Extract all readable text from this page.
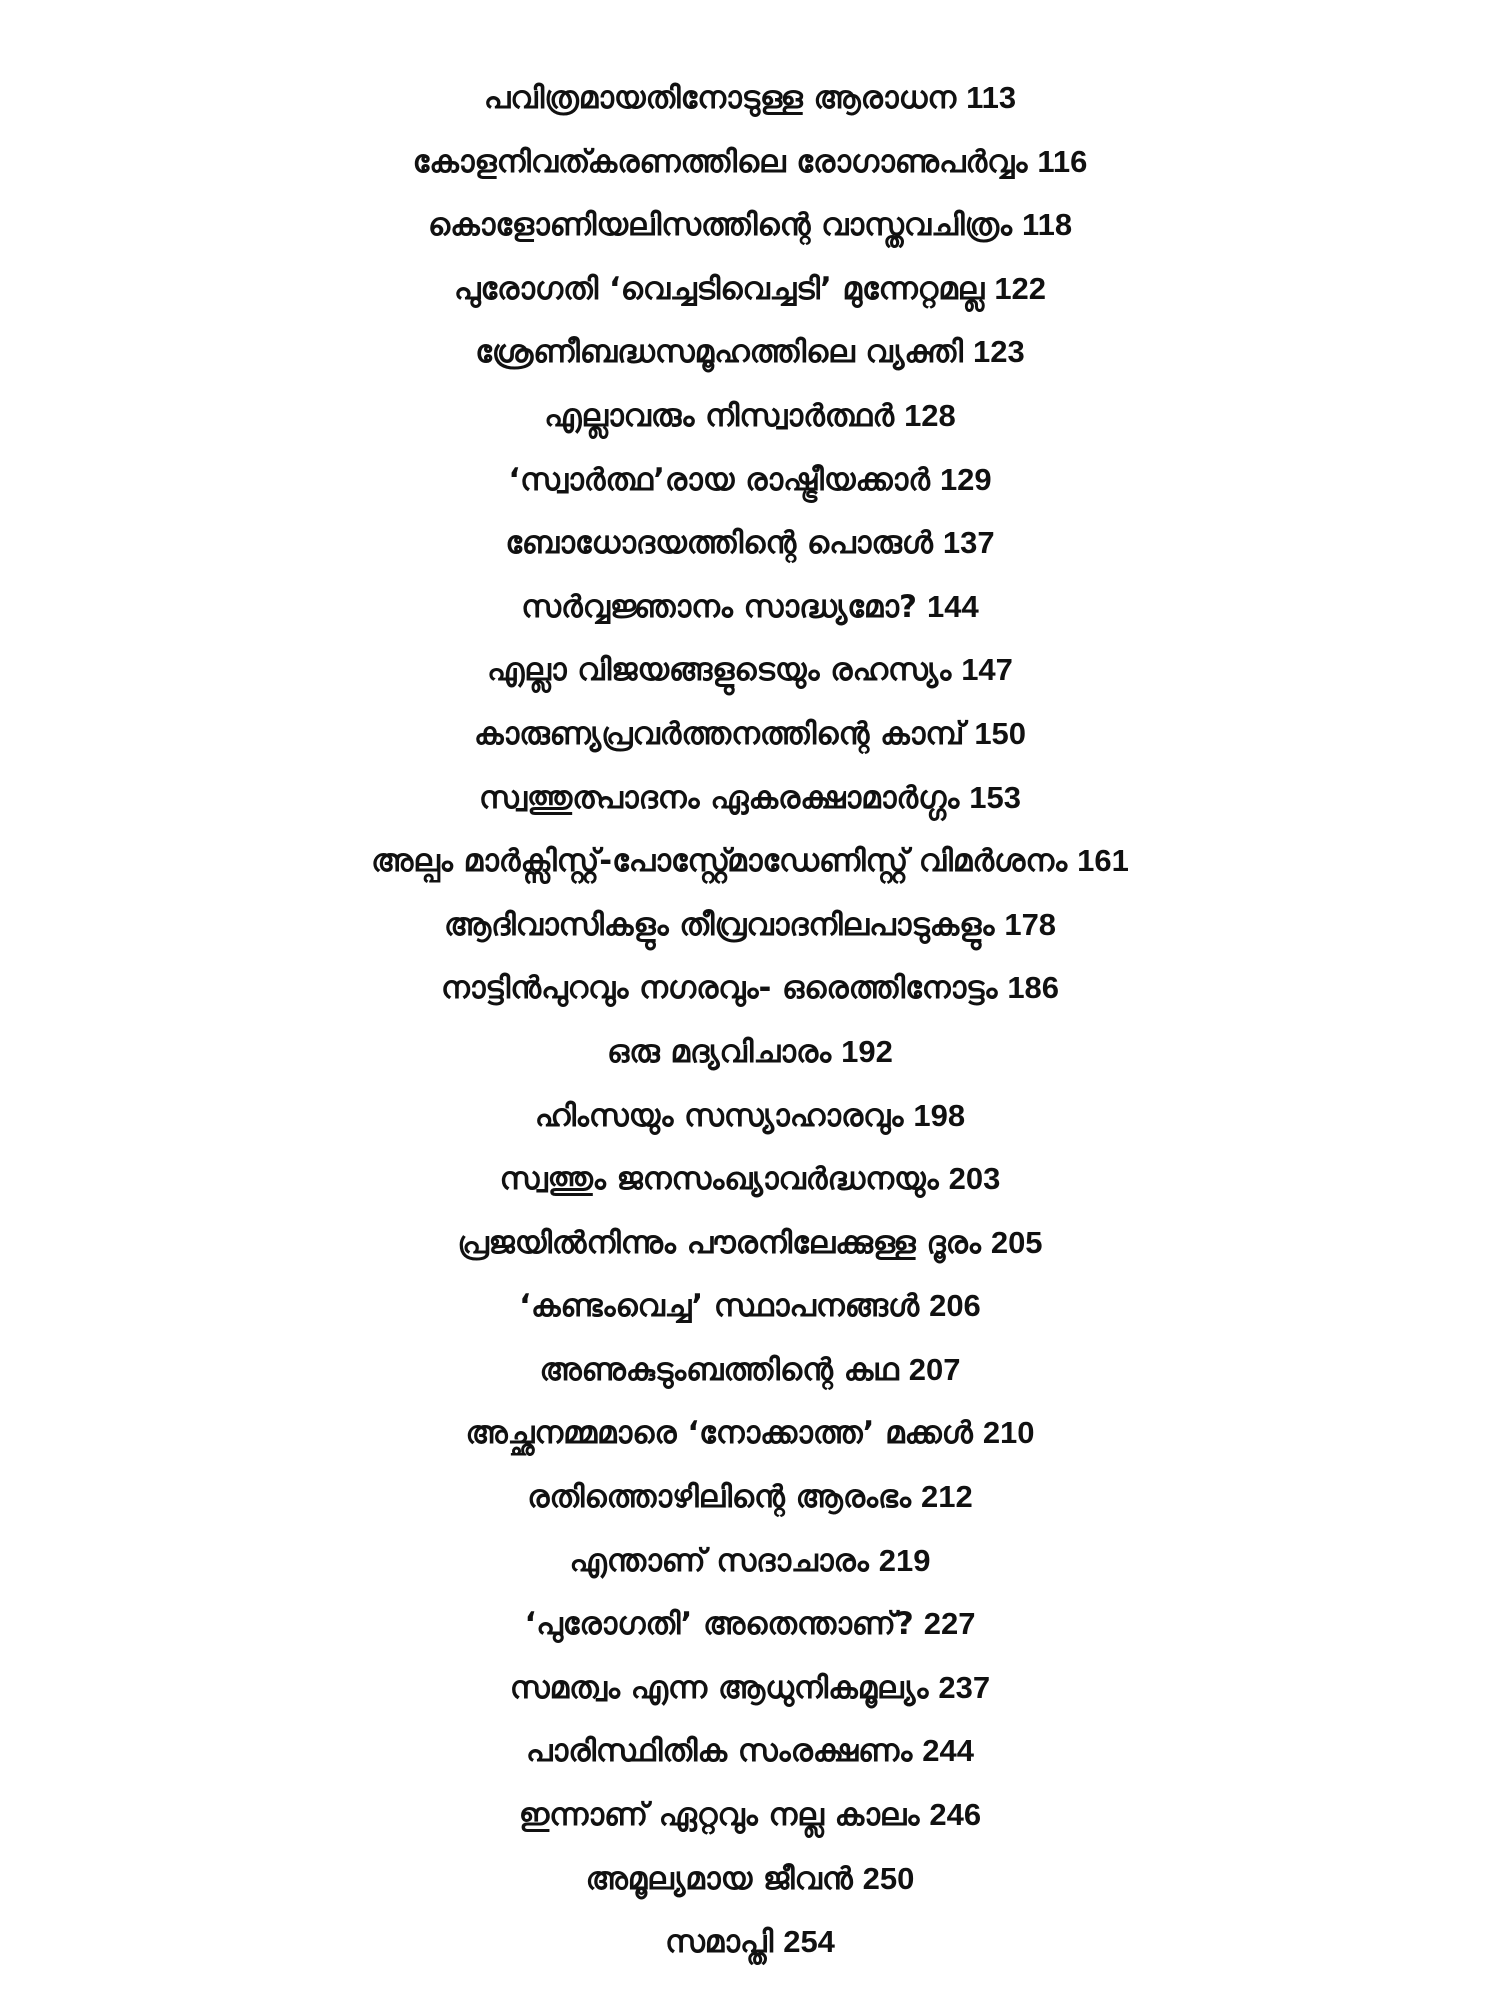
പവിത്രമായതിനോടുള്ള ആരാധന 113
കോളനിവത്കരണത്തിലെ രോഗാണുപർവ്വം 116
കൊളോണിയലിസത്തിന്റെ വാസ്തവചിത്രം 118
പുരോഗതി ‘വെച്ചടിവെച്ചടി’ മുന്നേറ്റമല്ല 122
ശ്രേണീബദ്ധസമൂഹത്തിലെ വ്യക്തി 123
എല്ലാവരും നിസ്വാർത്ഥർ 128
‘സ്വാർത്ഥ’രായ രാഷ്ട്രീയക്കാർ 129
ബോധോദയത്തിന്റെ പൊരുൾ 137
സർവ്വജ്ഞാനം സാദ്ധ്യമോ? 144
എല്ലാ വിജയങ്ങളുടെയും രഹസ്യം 147
കാരുണ്യപ്രവർത്തനത്തിന്റെ കാമ്പ് 150
സ്വത്തുത്പാദനം ഏകരക്ഷാമാർഗ്ഗം 153
അല്പം മാർക്സിസ്റ്റ്-പോസ്റ്റ്മോഡേണിസ്റ്റ് വിമർശനം 161
ആദിവാസികളും തീവ്രവാദനിലപാടുകളും 178
നാട്ടിൻപുറവും നഗരവും- ഒരെത്തിനോട്ടം 186
ഒരു മദ്യവിചാരം 192
ഹിംസയും സസ്യാഹാരവും 198
സ്വത്തും ജനസംഖ്യാവർദ്ധനയും 203
പ്രജയിൽനിന്നും പൗരനിലേക്കുള്ള ദൂരം 205
‘കണ്ടംവെച്ച’ സ്ഥാപനങ്ങൾ 206
അണുകുടുംബത്തിന്റെ കഥ 207
അച്ഛനമ്മമാരെ ‘നോക്കാത്ത’ മക്കൾ 210
രതിത്തൊഴിലിന്റെ ആരംഭം 212
എന്താണ് സദാചാരം 219
‘പുരോഗതി’ അതെന്താണ്? 227
സമത്വം എന്ന ആധുനികമൂല്യം 237
പാരിസ്ഥിതിക സംരക്ഷണം 244
ഇന്നാണ് ഏറ്റവും നല്ല കാലം 246
അമൂല്യമായ ജീവൻ 250
സമാപ്തി 254
